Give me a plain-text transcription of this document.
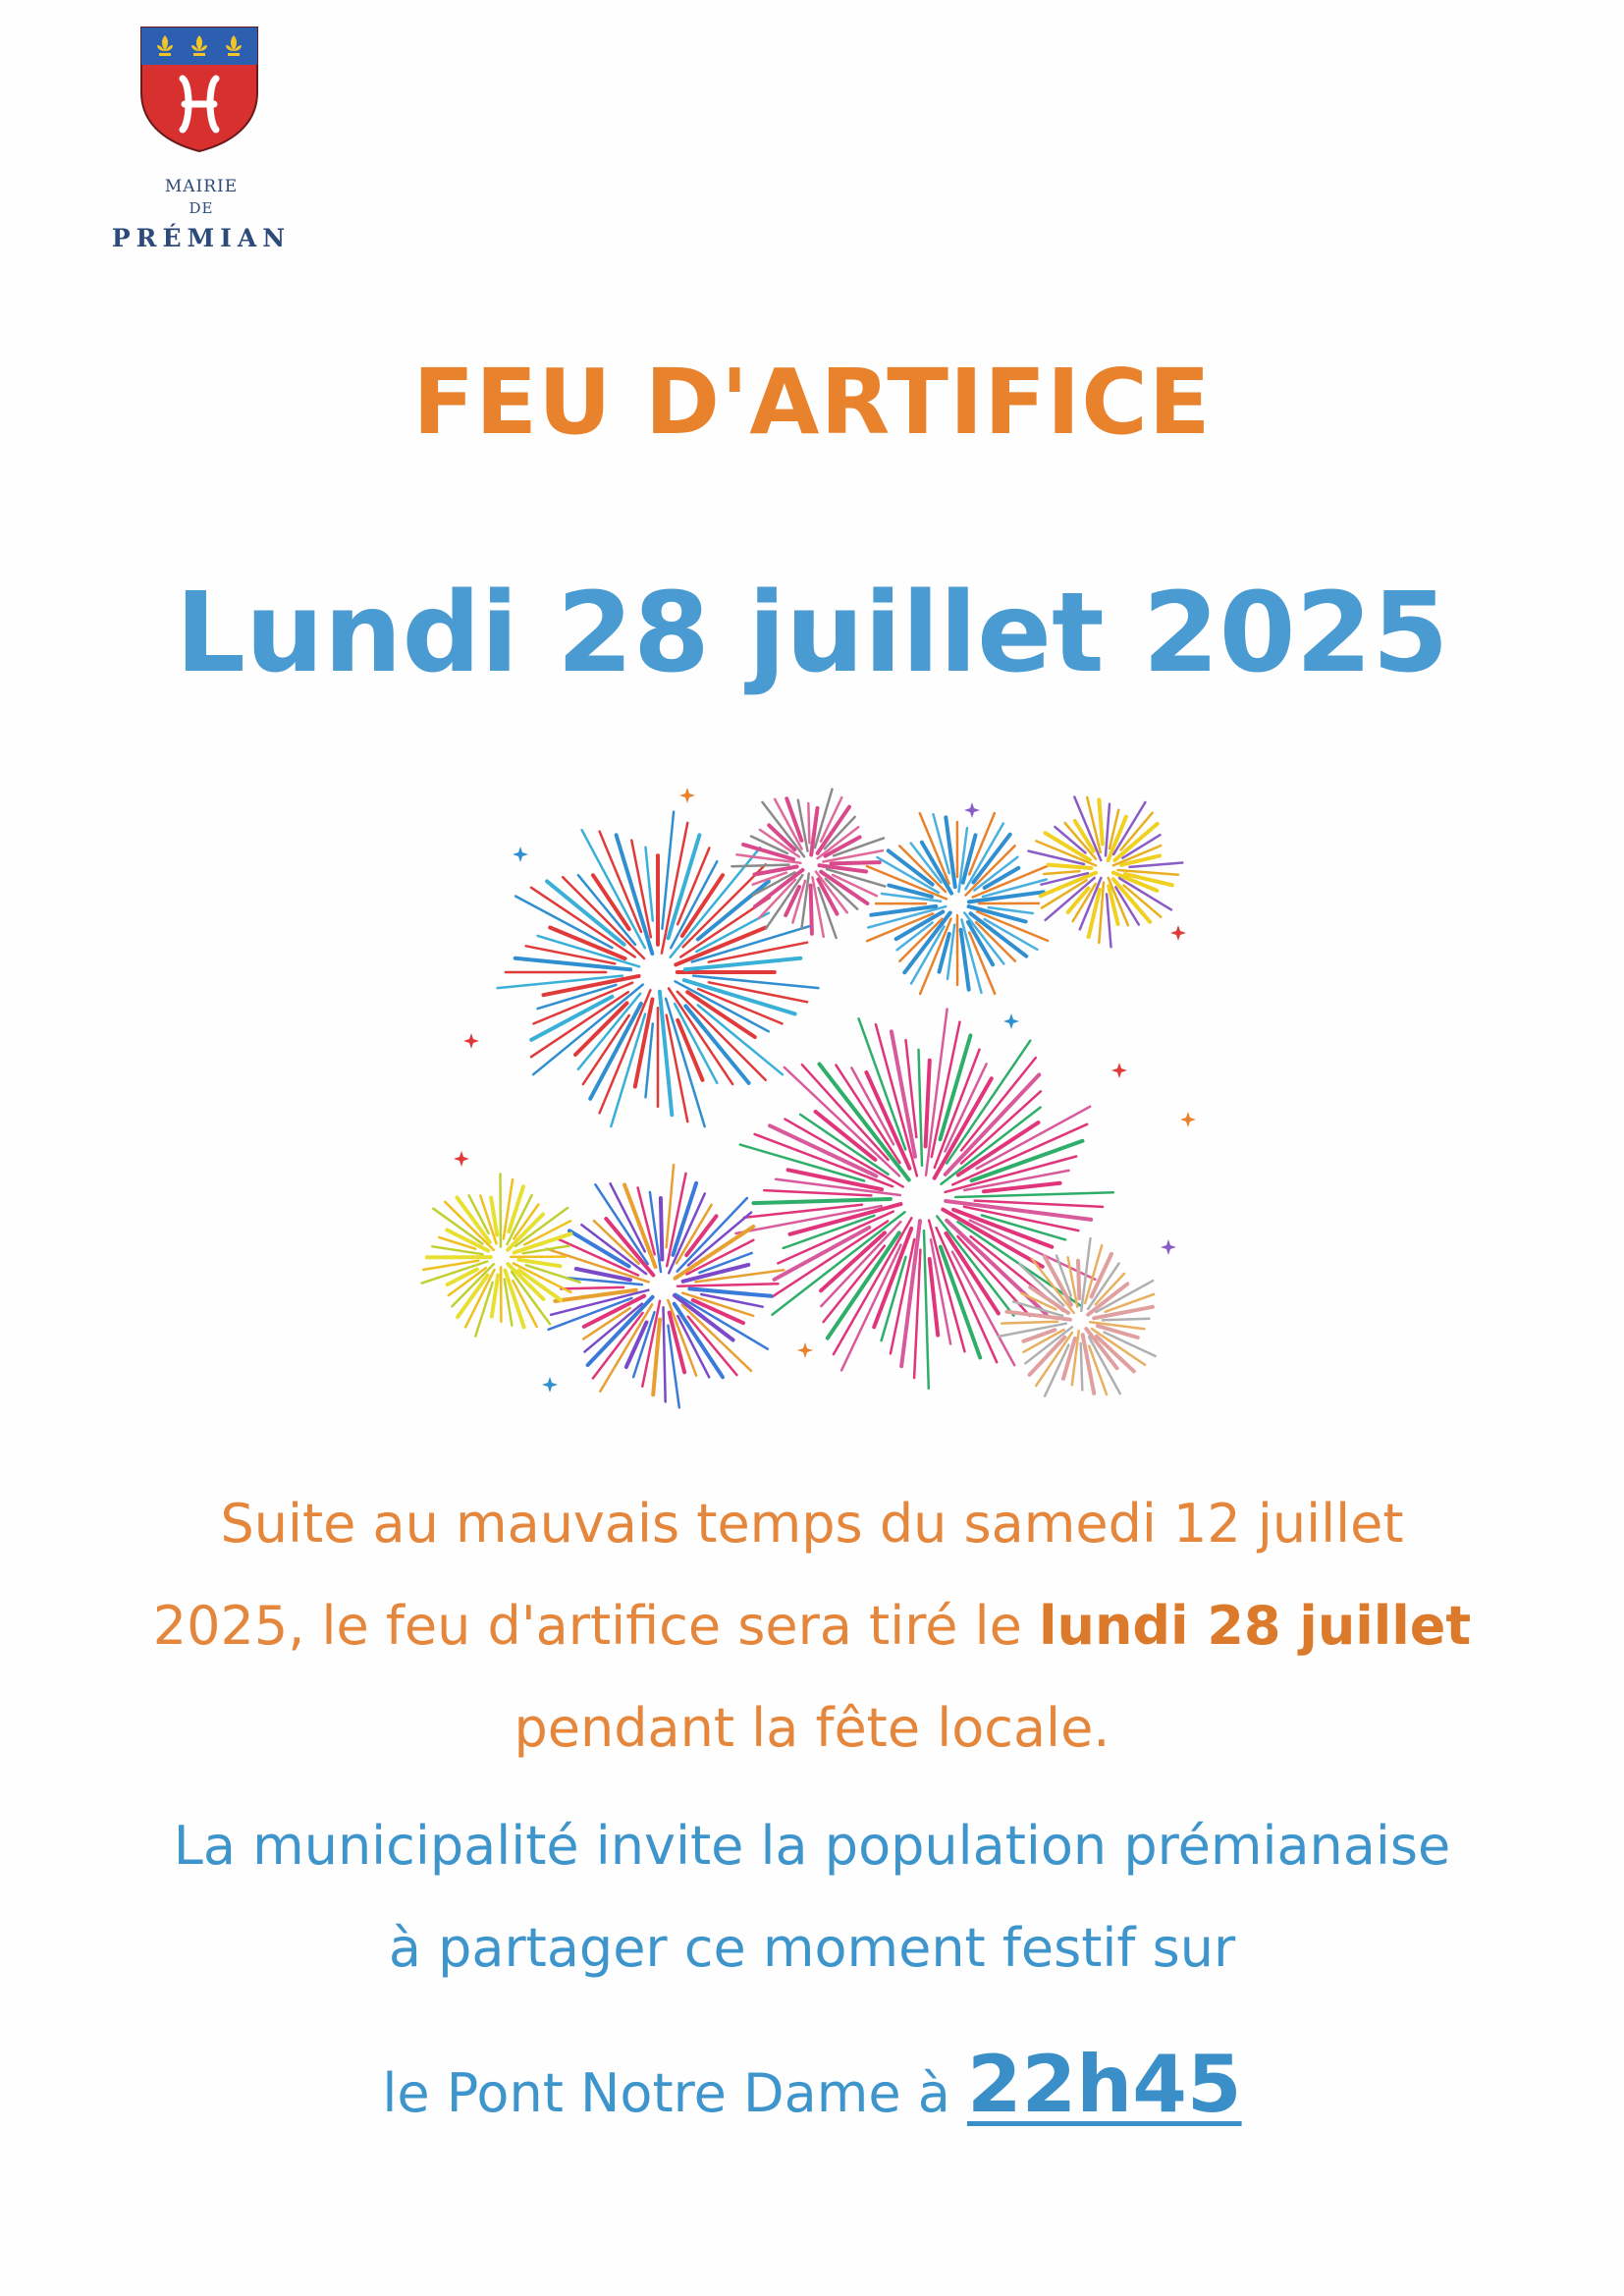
MAIRIE
DE
PRÉMIAN
FEU D'ARTIFICE
Lundi 28 juillet 2025
Suite au mauvais temps du samedi 12 juillet
2025, le feu d'artifice sera tiré le lundi 28 juillet
pendant la fête locale.
La municipalité invite la population prémianaise
à partager ce moment festif sur
le Pont Notre Dame à 22h45
